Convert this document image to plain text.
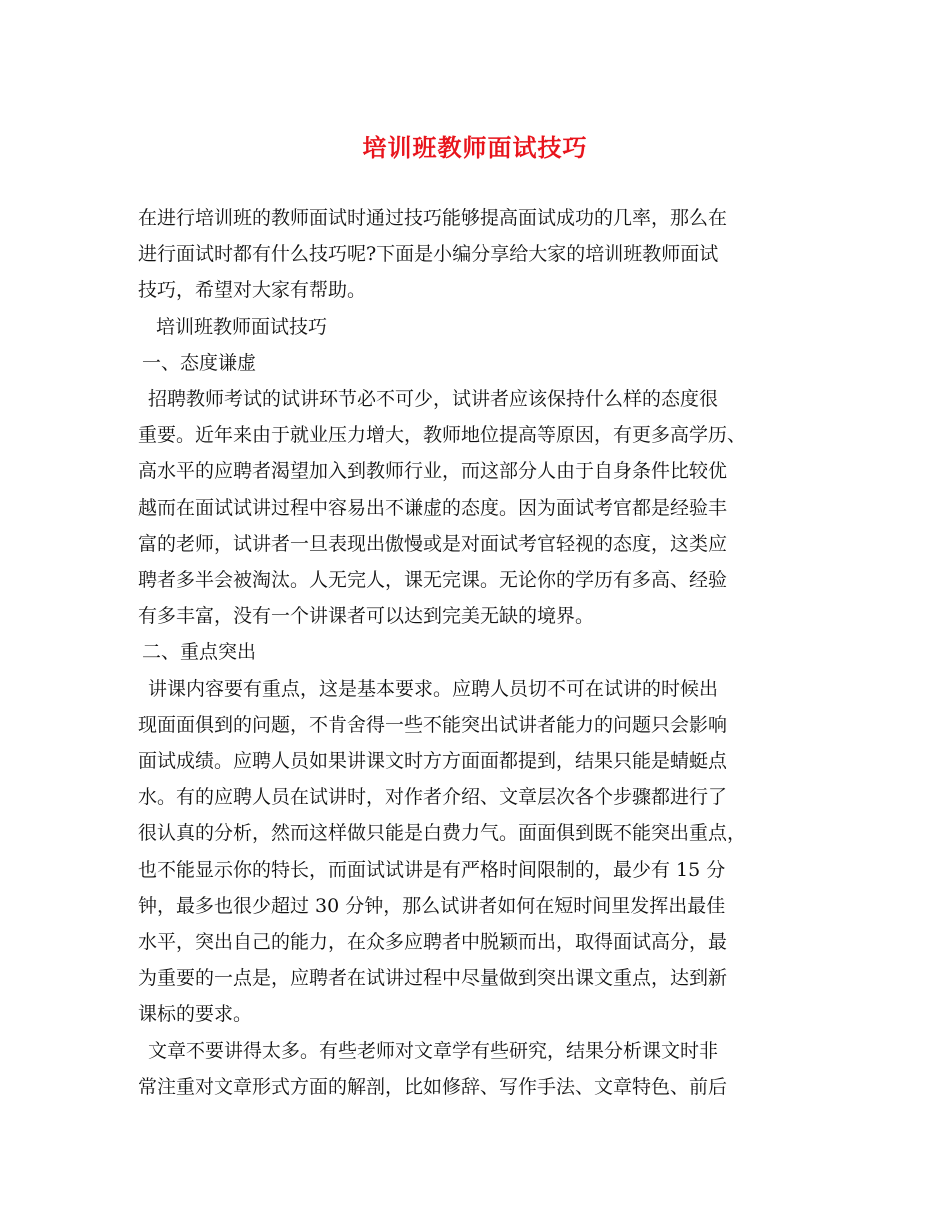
培训班教师面试技巧

在进行培训班的教师面试时通过技巧能够提高面试成功的几率，那么在

进行面试时都有什么技巧呢?下面是小编分享给大家的培训班教师面试

技巧，希望对大家有帮助。

培训班教师面试技巧

一、态度谦虚

招聘教师考试的试讲环节必不可少，试讲者应该保持什么样的态度很

重要。近年来由于就业压力增大，教师地位提高等原因，有更多高学历、

高水平的应聘者渴望加入到教师行业，而这部分人由于自身条件比较优

越而在面试试讲过程中容易出不谦虚的态度。因为面试考官都是经验丰

富的老师，试讲者一旦表现出傲慢或是对面试考官轻视的态度，这类应

聘者多半会被淘汰。人无完人，课无完课。无论你的学历有多高、经验

有多丰富，没有一个讲课者可以达到完美无缺的境界。

二、重点突出

讲课内容要有重点，这是基本要求。应聘人员切不可在试讲的时候出

现面面俱到的问题，不肯舍得一些不能突出试讲者能力的问题只会影响

面试成绩。应聘人员如果讲课文时方方面面都提到，结果只能是蜻蜓点

水。有的应聘人员在试讲时，对作者介绍、文章层次各个步骤都进行了

很认真的分析，然而这样做只能是白费力气。面面俱到既不能突出重点，

也不能显示你的特长，而面试试讲是有严格时间限制的，最少有 15 分

钟，最多也很少超过 30 分钟，那么试讲者如何在短时间里发挥出最佳

水平，突出自己的能力，在众多应聘者中脱颖而出，取得面试高分，最

为重要的一点是，应聘者在试讲过程中尽量做到突出课文重点，达到新

课标的要求。

文章不要讲得太多。有些老师对文章学有些研究，结果分析课文时非

常注重对文章形式方面的解剖，比如修辞、写作手法、文章特色、前后
